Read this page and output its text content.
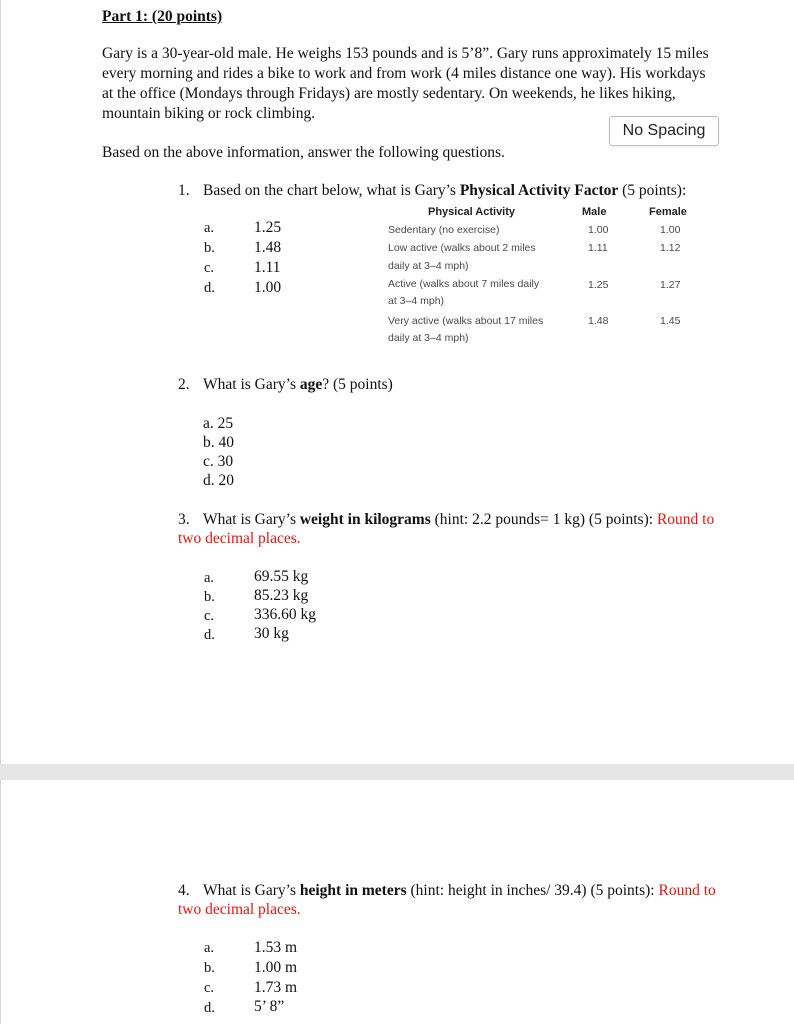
Part 1: (20 points)
Gary is a 30-year-old male. He weighs 153 pounds and is 5’8”. Gary runs approximately 15 miles
every morning and rides a bike to work and from work (4 miles distance one way). His workdays
at the office (Mondays through Fridays) are mostly sedentary. On weekends, he likes hiking,
mountain biking or rock climbing.
No Spacing
Based on the above information, answer the following questions.
1. Based on the chart below, what is Gary’s Physical Activity Factor (5 points):
a.	1.25
b.	1.48
c.	1.11
d.	1.00
Physical Activity	Male	Female
Sedentary (no exercise)	1.00	1.00
Low active (walks about 2 miles
daily at 3–4 mph)
1.11	1.12
Active (walks about 7 miles daily
at 3–4 mph)
1.25	1.27
Very active (walks about 17 miles
daily at 3–4 mph)
1.48	1.45
2. What is Gary’s age? (5 points)
a. 25
b. 40
c. 30
d. 20
3. What is Gary’s weight in kilograms (hint: 2.2 pounds= 1 kg) (5 points): Round to
two decimal places.
a.	69.55 kg
b.	85.23 kg
c.	336.60 kg
d.	30 kg
4. What is Gary’s height in meters (hint: height in inches/ 39.4) (5 points): Round to
two decimal places.
a.	1.53 m
b.	1.00 m
c.	1.73 m
d.	5’ 8”
